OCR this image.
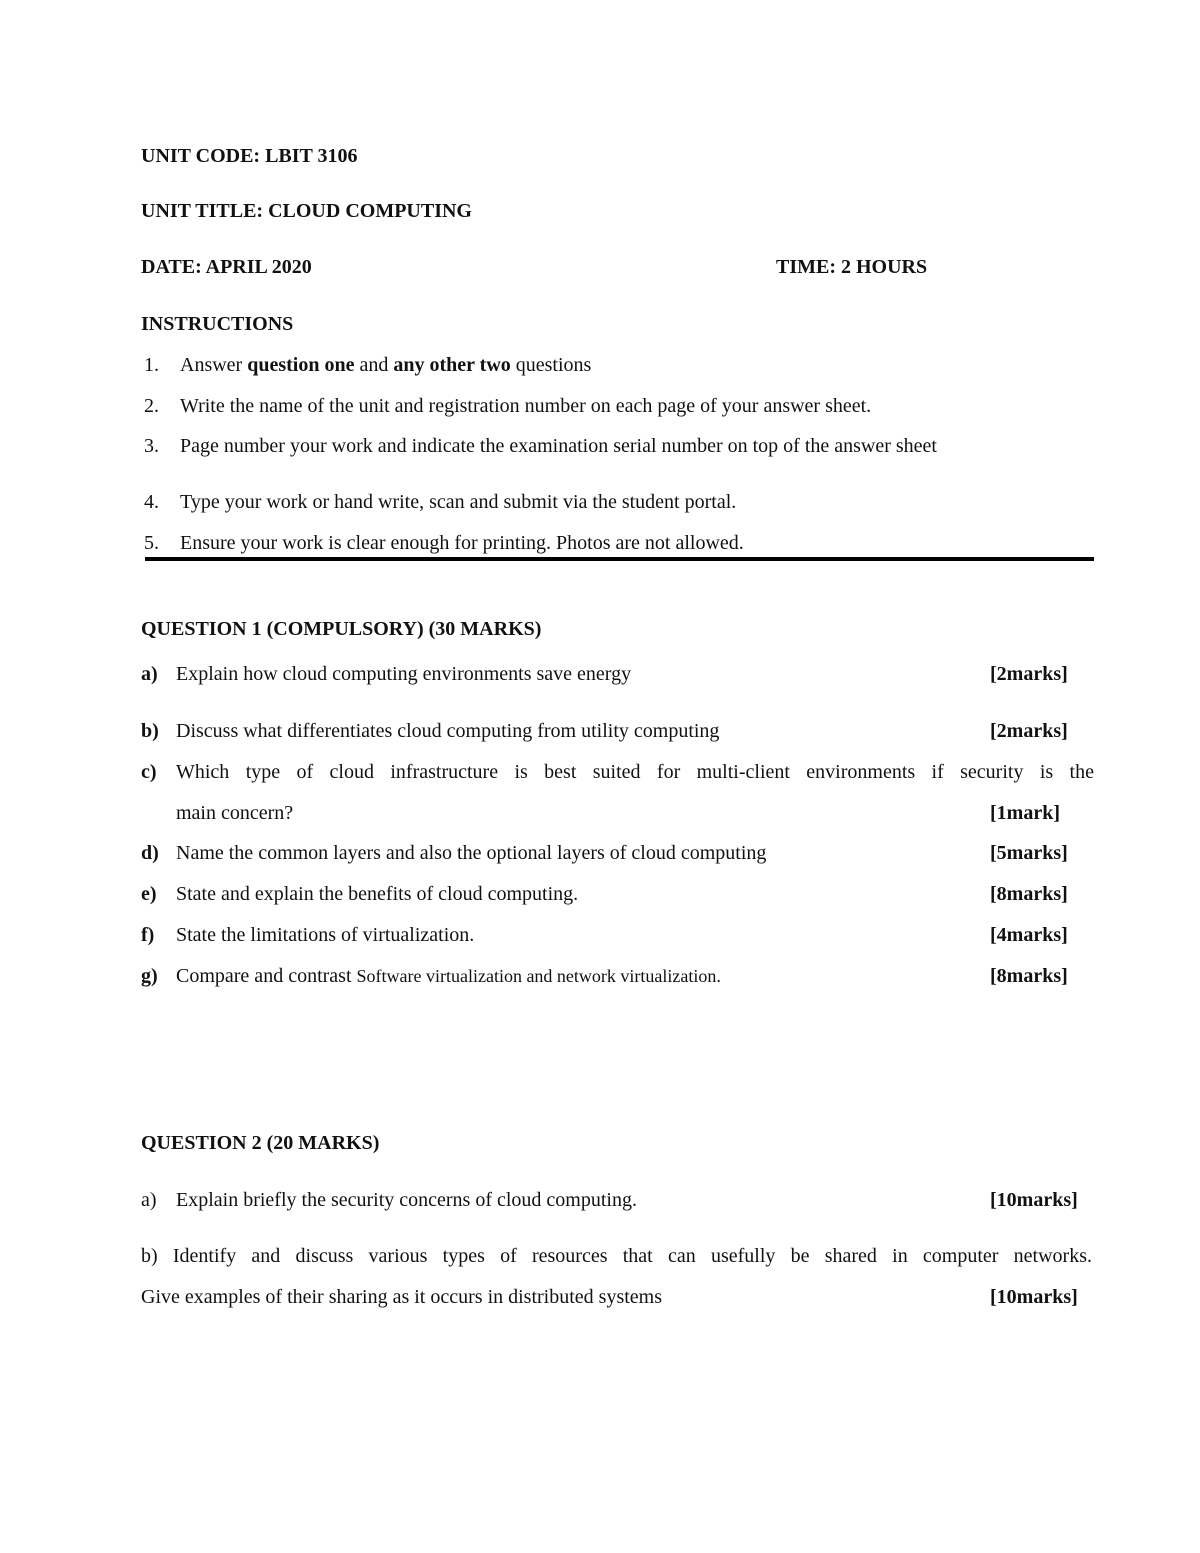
UNIT CODE: LBIT 3106
UNIT TITLE: CLOUD COMPUTING
DATE: APRIL 2020	TIME: 2 HOURS
INSTRUCTIONS
1. Answer question one and any other two questions
2. Write the name of the unit and registration number on each page of your answer sheet.
3. Page number your work and indicate the examination serial number on top of the answer sheet
4. Type your work or hand write, scan and submit via the student portal.
5. Ensure your work is clear enough for printing. Photos are not allowed.
QUESTION 1 (COMPULSORY) (30 MARKS)
a) Explain how cloud computing environments save energy	[2marks]
b) Discuss what differentiates cloud computing from utility computing	[2marks]
c) Which type of cloud infrastructure is best suited for multi-client environments if security is the
main concern?	[1mark]
d) Name the common layers and also the optional layers of cloud computing	[5marks]
e) State and explain the benefits of cloud computing.	[8marks]
f) State the limitations of virtualization.	[4marks]
g) Compare and contrast Software virtualization and network virtualization.	[8marks]
QUESTION 2 (20 MARKS)
a) Explain briefly the security concerns of cloud computing.	[10marks]
b) Identify and discuss various types of resources that can usefully be shared in computer networks.
Give examples of their sharing as it occurs in distributed systems	[10marks]
